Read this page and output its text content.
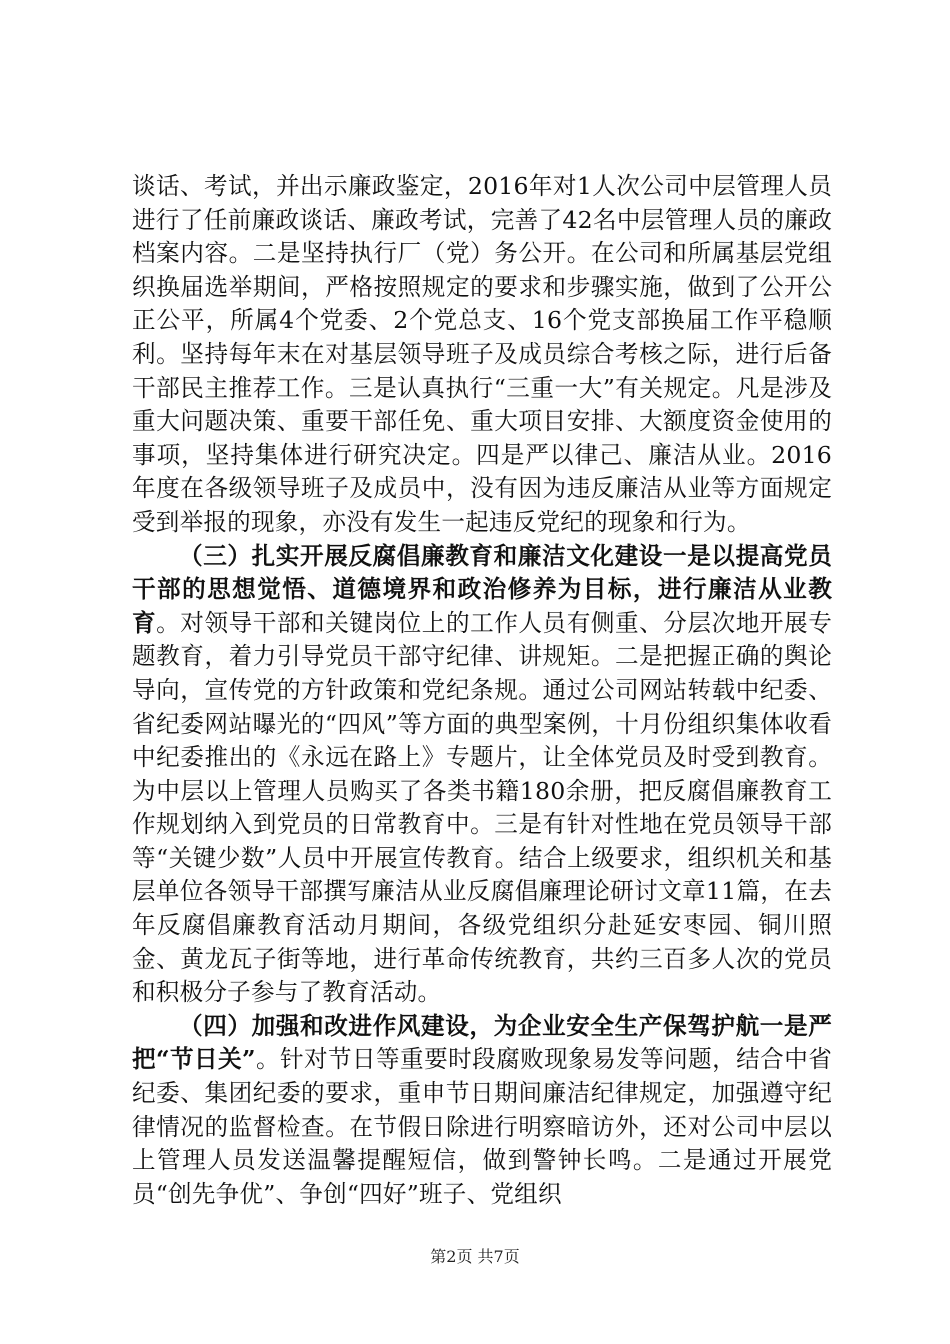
谈话、考试，并出示廉政鉴定，2016年对1人次公司中层管理人员进行了任前廉政谈话、廉政考试，完善了42名中层管理人员的廉政档案内容。二是坚持执行厂（党）务公开。在公司和所属基层党组织换届选举期间，严格按照规定的要求和步骤实施，做到了公开公正公平，所属4个党委、2个党总支、16个党支部换届工作平稳顺利。坚持每年末在对基层领导班子及成员综合考核之际，进行后备干部民主推荐工作。三是认真执行“三重一大”有关规定。凡是涉及重大问题决策、重要干部任免、重大项目安排、大额度资金使用的事项，坚持集体进行研究决定。四是严以律己、廉洁从业。2016年度在各级领导班子及成员中，没有因为违反廉洁从业等方面规定受到举报的现象，亦没有发生一起违反党纪的现象和行为。

（三）扎实开展反腐倡廉教育和廉洁文化建设一是以提高党员干部的思想觉悟、道德境界和政治修养为目标，进行廉洁从业教育。对领导干部和关键岗位上的工作人员有侧重、分层次地开展专题教育，着力引导党员干部守纪律、讲规矩。二是把握正确的舆论导向，宣传党的方针政策和党纪条规。通过公司网站转载中纪委、省纪委网站曝光的“四风”等方面的典型案例，十月份组织集体收看中纪委推出的《永远在路上》专题片，让全体党员及时受到教育。为中层以上管理人员购买了各类书籍180余册，把反腐倡廉教育工作规划纳入到党员的日常教育中。三是有针对性地在党员领导干部等“关键少数”人员中开展宣传教育。结合上级要求，组织机关和基层单位各领导干部撰写廉洁从业反腐倡廉理论研讨文章11篇，在去年反腐倡廉教育活动月期间，各级党组织分赴延安枣园、铜川照金、黄龙瓦子街等地，进行革命传统教育，共约三百多人次的党员和积极分子参与了教育活动。

（四）加强和改进作风建设，为企业安全生产保驾护航一是严把“节日关”。针对节日等重要时段腐败现象易发等问题，结合中省纪委、集团纪委的要求，重申节日期间廉洁纪律规定，加强遵守纪律情况的监督检查。在节假日除进行明察暗访外，还对公司中层以上管理人员发送温馨提醒短信，做到警钟长鸣。二是通过开展党员“创先争优”、争创“四好”班子、党组织

第2页 共7页
